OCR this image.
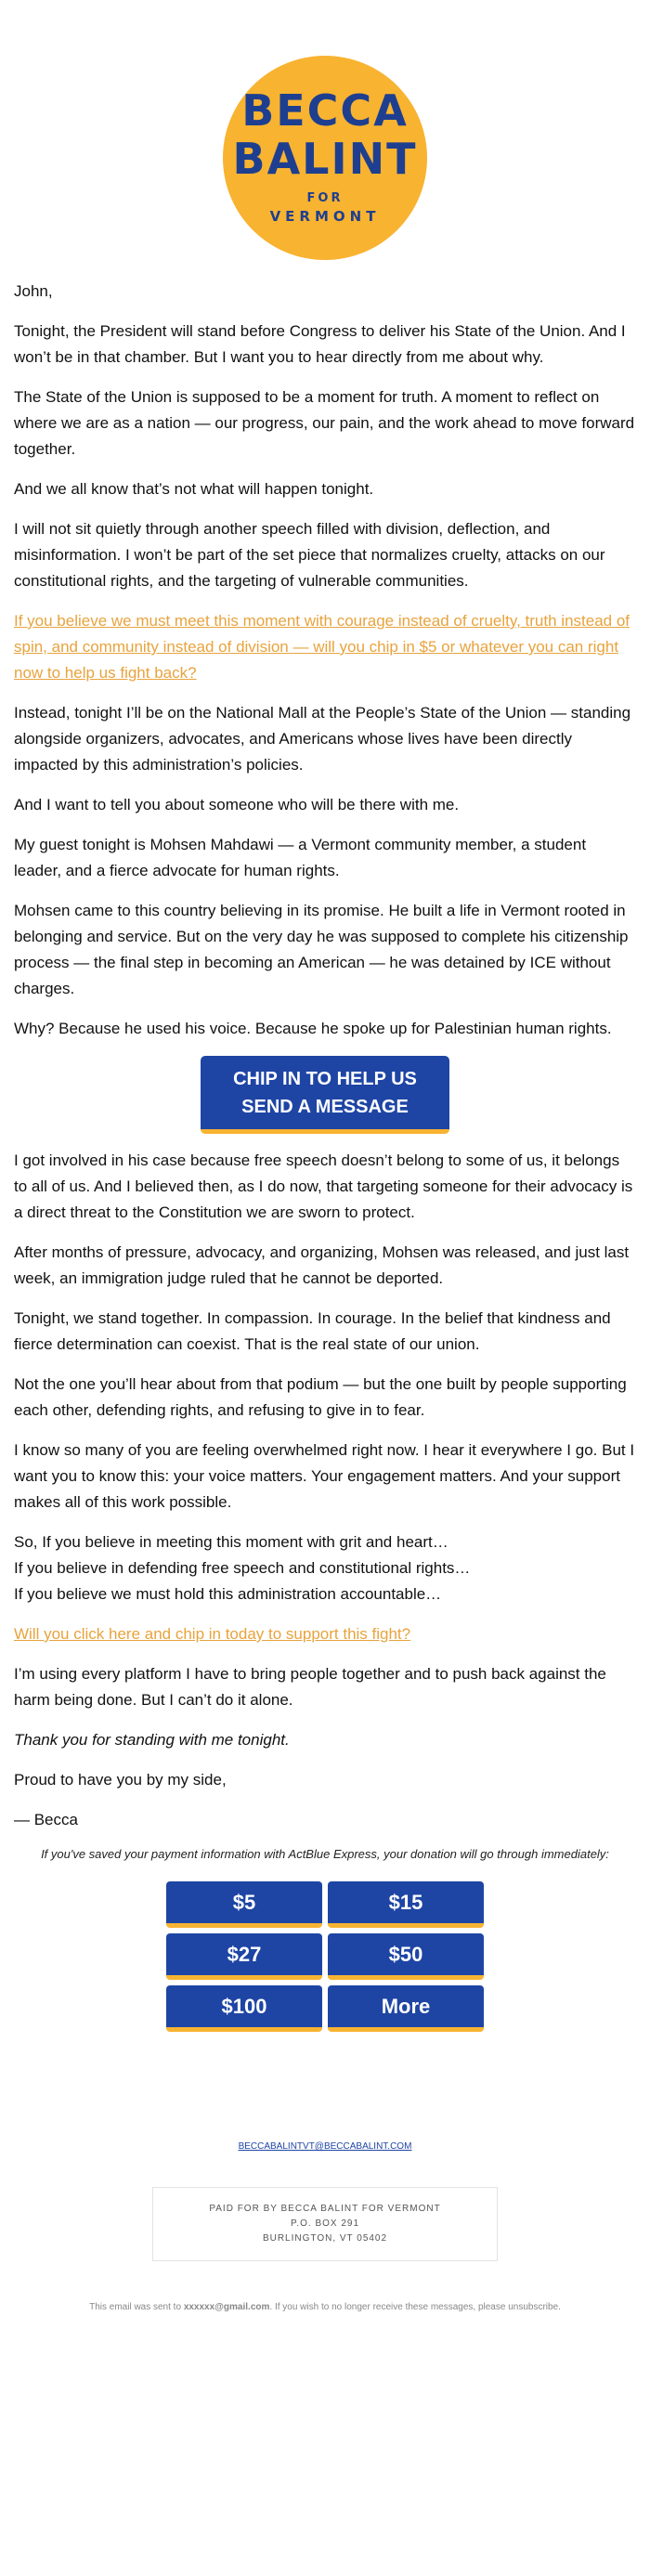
BECCA
BALINT
FOR
VERMONT

John,

Tonight, the President will stand before Congress to deliver his State of the Union. And I won’t be in that chamber. But I want you to hear directly from me about why.

The State of the Union is supposed to be a moment for truth. A moment to reflect on where we are as a nation — our progress, our pain, and the work ahead to move forward together.

And we all know that’s not what will happen tonight.

I will not sit quietly through another speech filled with division, deflection, and misinformation. I won’t be part of the set piece that normalizes cruelty, attacks on our constitutional rights, and the targeting of vulnerable communities.

If you believe we must meet this moment with courage instead of cruelty, truth instead of spin, and community instead of division — will you chip in $5 or whatever you can right now to help us fight back?

Instead, tonight I’ll be on the National Mall at the People’s State of the Union — standing alongside organizers, advocates, and Americans whose lives have been directly impacted by this administration’s policies.

And I want to tell you about someone who will be there with me.

My guest tonight is Mohsen Mahdawi — a Vermont community member, a student leader, and a fierce advocate for human rights.

Mohsen came to this country believing in its promise. He built a life in Vermont rooted in belonging and service. But on the very day he was supposed to complete his citizenship process — the final step in becoming an American — he was detained by ICE without charges.

Why? Because he used his voice. Because he spoke up for Palestinian human rights.

CHIP IN TO HELP US
SEND A MESSAGE

I got involved in his case because free speech doesn’t belong to some of us, it belongs to all of us. And I believed then, as I do now, that targeting someone for their advocacy is a direct threat to the Constitution we are sworn to protect.

After months of pressure, advocacy, and organizing, Mohsen was released, and just last week, an immigration judge ruled that he cannot be deported.

Tonight, we stand together. In compassion. In courage. In the belief that kindness and fierce determination can coexist. That is the real state of our union.

Not the one you’ll hear about from that podium — but the one built by people supporting each other, defending rights, and refusing to give in to fear.

I know so many of you are feeling overwhelmed right now. I hear it everywhere I go. But I want you to know this: your voice matters. Your engagement matters. And your support makes all of this work possible.

So, If you believe in meeting this moment with grit and heart…
If you believe in defending free speech and constitutional rights…
If you believe we must hold this administration accountable…

Will you click here and chip in today to support this fight?

I’m using every platform I have to bring people together and to push back against the harm being done. But I can’t do it alone.

Thank you for standing with me tonight.

Proud to have you by my side,

— Becca

If you've saved your payment information with ActBlue Express, your donation will go through immediately:
$5	$15
$27	$50
$100	More
BECCABALINTVT@BECCABALINT.COM
PAID FOR BY BECCA BALINT FOR VERMONT
P.O. BOX 291
BURLINGTON, VT 05402
This email was sent to xxxxxx@gmail.com. If you wish to no longer receive these messages, please unsubscribe.
